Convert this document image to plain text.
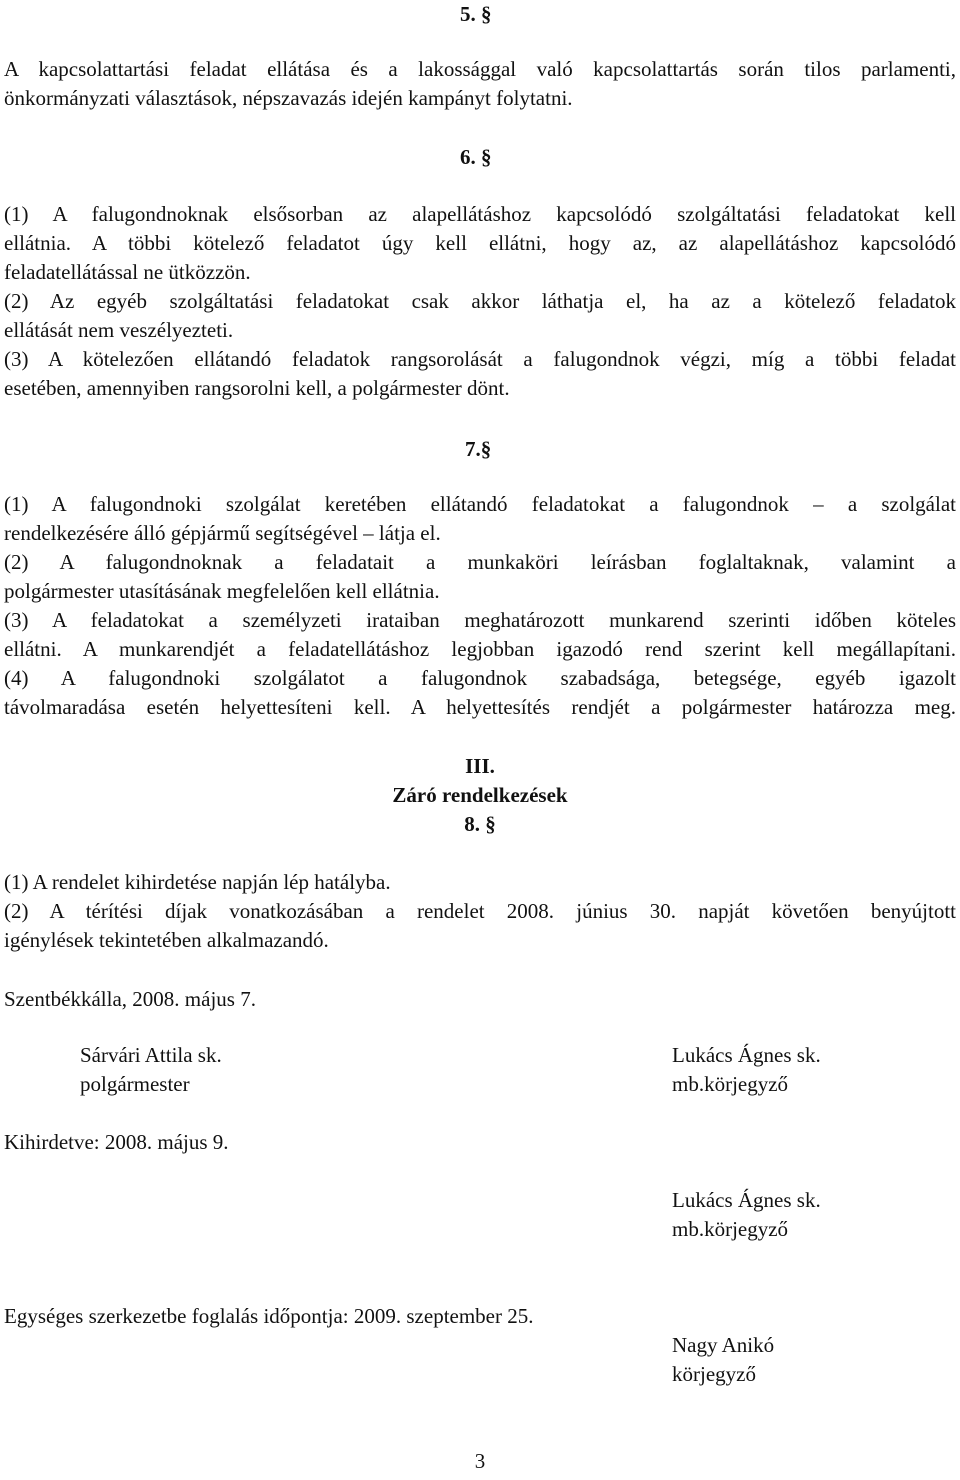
5. §

A kapcsolattartási feladat ellátása és a lakossággal való kapcsolattartás során tilos parlamenti,

önkormányzati választások, népszavazás idején kampányt folytatni.

6. §

(1) A falugondnoknak elsősorban az alapellátáshoz kapcsolódó szolgáltatási feladatokat kell

ellátnia. A többi kötelező feladatot úgy kell ellátni, hogy az, az alapellátáshoz kapcsolódó

feladatellátással ne ütközzön.

(2) Az egyéb szolgáltatási feladatokat csak akkor láthatja el, ha az a kötelező feladatok

ellátását nem veszélyezteti.

(3) A kötelezően ellátandó feladatok rangsorolását a falugondnok végzi, míg a többi feladat

esetében, amennyiben rangsorolni kell, a polgármester dönt.

7.§

(1) A falugondnoki szolgálat keretében ellátandó feladatokat a falugondnok – a szolgálat

rendelkezésére álló gépjármű segítségével – látja el.

(2) A falugondnoknak a feladatait a munkaköri leírásban foglaltaknak, valamint a

polgármester utasításának megfelelően kell ellátnia.

(3) A feladatokat a személyzeti irataiban meghatározott munkarend szerinti időben köteles

ellátni. A munkarendjét a feladatellátáshoz legjobban igazodó rend szerint kell megállapítani.

(4) A falugondnoki szolgálatot a falugondnok szabadsága, betegsége, egyéb igazolt

távolmaradása esetén helyettesíteni kell. A helyettesítés rendjét a polgármester határozza meg.

III.

Záró rendelkezések

8. §

(1) A rendelet kihirdetése napján lép hatályba.

(2) A térítési díjak vonatkozásában a rendelet 2008. június 30. napját követően benyújtott

igénylések tekintetében alkalmazandó.

Szentbékkálla, 2008. május 7.

Sárvári Attila sk.

polgármester

Lukács Ágnes sk.

mb.körjegyző

Kihirdetve: 2008. május 9.

Lukács Ágnes sk.

mb.körjegyző

Egységes szerkezetbe foglalás időpontja: 2009. szeptember 25.

Nagy Anikó

körjegyző

3
